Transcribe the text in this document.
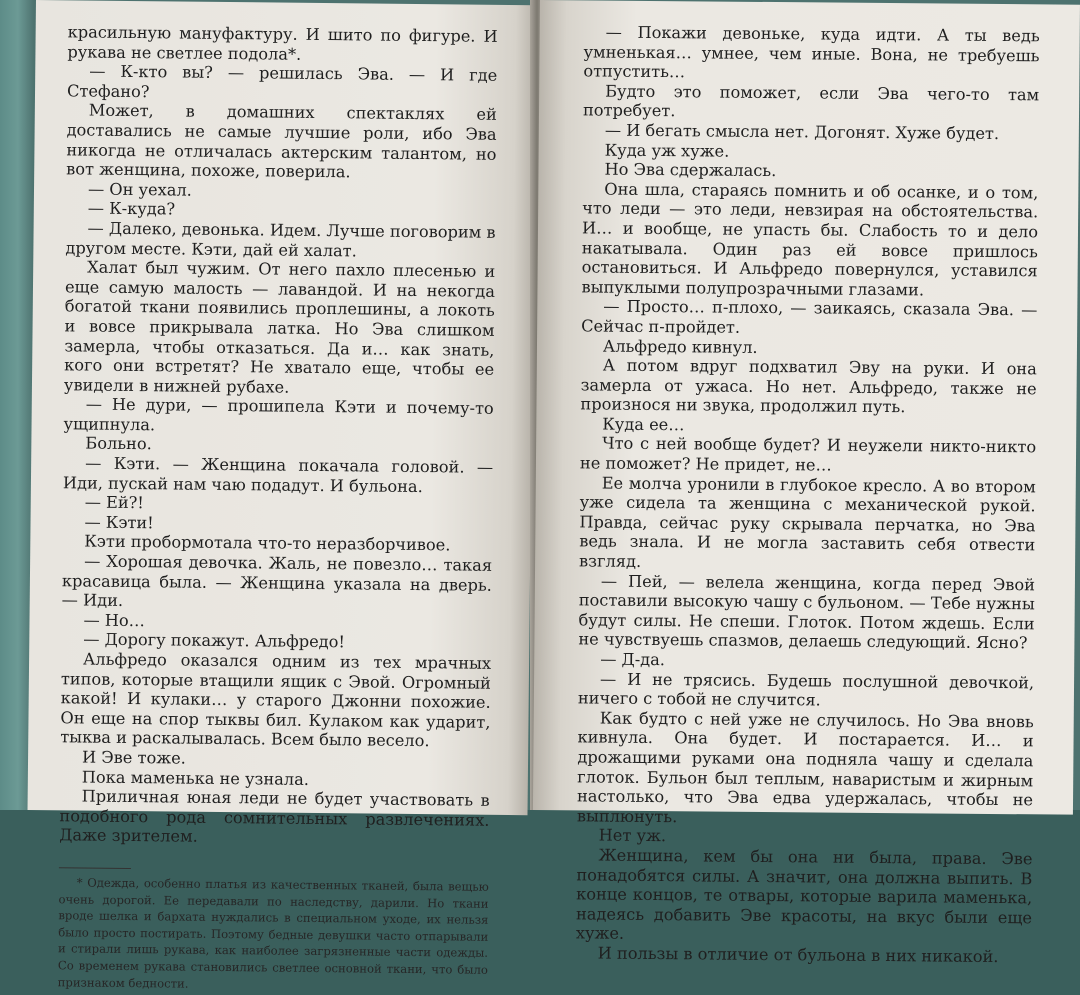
красильную мануфактуру. И шито по фигуре. И рукава не светлее подола*.

— К-кто вы? — решилась Эва. — И где Стефано?

Может, в домашних спектаклях ей доставались не самые лучшие роли, ибо Эва никогда не отличалась актерским талантом, но вот женщина, похоже, поверила.

— Он уехал.

— К-куда?

— Далеко, девонька. Идем. Лучше поговорим в другом месте. Кэти, дай ей халат.

Халат был чужим. От него пахло плесенью и еще самую малость — лавандой. И на некогда богатой ткани появились проплешины, а локоть и вовсе прикрывала латка. Но Эва слишком замерла, чтобы отказаться. Да и… как знать, кого они встретят? Не хватало еще, чтобы ее увидели в нижней рубахе.

— Не дури, — прошипела Кэти и почему-то ущипнула.

Больно.

— Кэти. — Женщина покачала головой. — Иди, пускай нам чаю подадут. И бульона.

— Ей?!

— Кэти!

Кэти пробормотала что-то неразборчивое.

— Хорошая девочка. Жаль, не повезло… такая красавица была. — Женщина указала на дверь. — Иди.

— Но…

— Дорогу покажут. Альфредо!

Альфредо оказался одним из тех мрачных типов, которые втащили ящик с Эвой. Огромный какой! И кулаки… у старого Джонни похожие. Он еще на спор тыквы бил. Кулаком как ударит, тыква и раскалывалась. Всем было весело.

И Эве тоже.

Пока маменька не узнала.

Приличная юная леди не будет участвовать в подобного рода сомнительных развлечениях. Даже зрителем.

* Одежда, особенно платья из качественных тканей, была вещью очень дорогой. Ее передавали по наследству, дарили. Но ткани вроде шелка и бархата нуждались в специальном уходе, их нельзя было просто постирать. Поэтому бедные девушки часто отпарывали и стирали лишь рукава, как наиболее загрязненные части одежды. Со временем рукава становились светлее основной ткани, что было признаком бедности.

— Покажи девоньке, куда идти. А ты ведь умненькая… умнее, чем иные. Вона, не требуешь отпустить…

Будто это поможет, если Эва чего-то там потребует.

— И бегать смысла нет. Догонят. Хуже будет.

Куда уж хуже.

Но Эва сдержалась.

Она шла, стараясь помнить и об осанке, и о том, что леди — это леди, невзирая на обстоятельства. И… и вообще, не упасть бы. Слабость то и дело накатывала. Один раз ей вовсе пришлось остановиться. И Альфредо повернулся, уставился выпуклыми полупрозрачными глазами.

— Просто… п-плохо, — заикаясь, сказала Эва. — Сейчас п-пройдет.

Альфредо кивнул.

А потом вдруг подхватил Эву на руки. И она замерла от ужаса. Но нет. Альфредо, также не произнося ни звука, продолжил путь.

Куда ее…

Что с ней вообще будет? И неужели никто-никто не поможет? Не придет, не…

Ее молча уронили в глубокое кресло. А во втором уже сидела та женщина с механической рукой. Правда, сейчас руку скрывала перчатка, но Эва ведь знала. И не могла заставить себя отвести взгляд.

— Пей, — велела женщина, когда перед Эвой поставили высокую чашу с бульоном. — Тебе нужны будут силы. Не спеши. Глоток. Потом ждешь. Если не чувствуешь спазмов, делаешь следующий. Ясно?

— Д-да.

— И не трясись. Будешь послушной девочкой, ничего с тобой не случится.

Как будто с ней уже не случилось. Но Эва вновь кивнула. Она будет. И постарается. И… и дрожащими руками она подняла чашу и сделала глоток. Бульон был теплым, наваристым и жирным настолько, что Эва едва удержалась, чтобы не выплюнуть.

Нет уж.

Женщина, кем бы она ни была, права. Эве понадобятся силы. А значит, она должна выпить. В конце концов, те отвары, которые варила маменька, надеясь добавить Эве красоты, на вкус были еще хуже.

И пользы в отличие от бульона в них никакой.
